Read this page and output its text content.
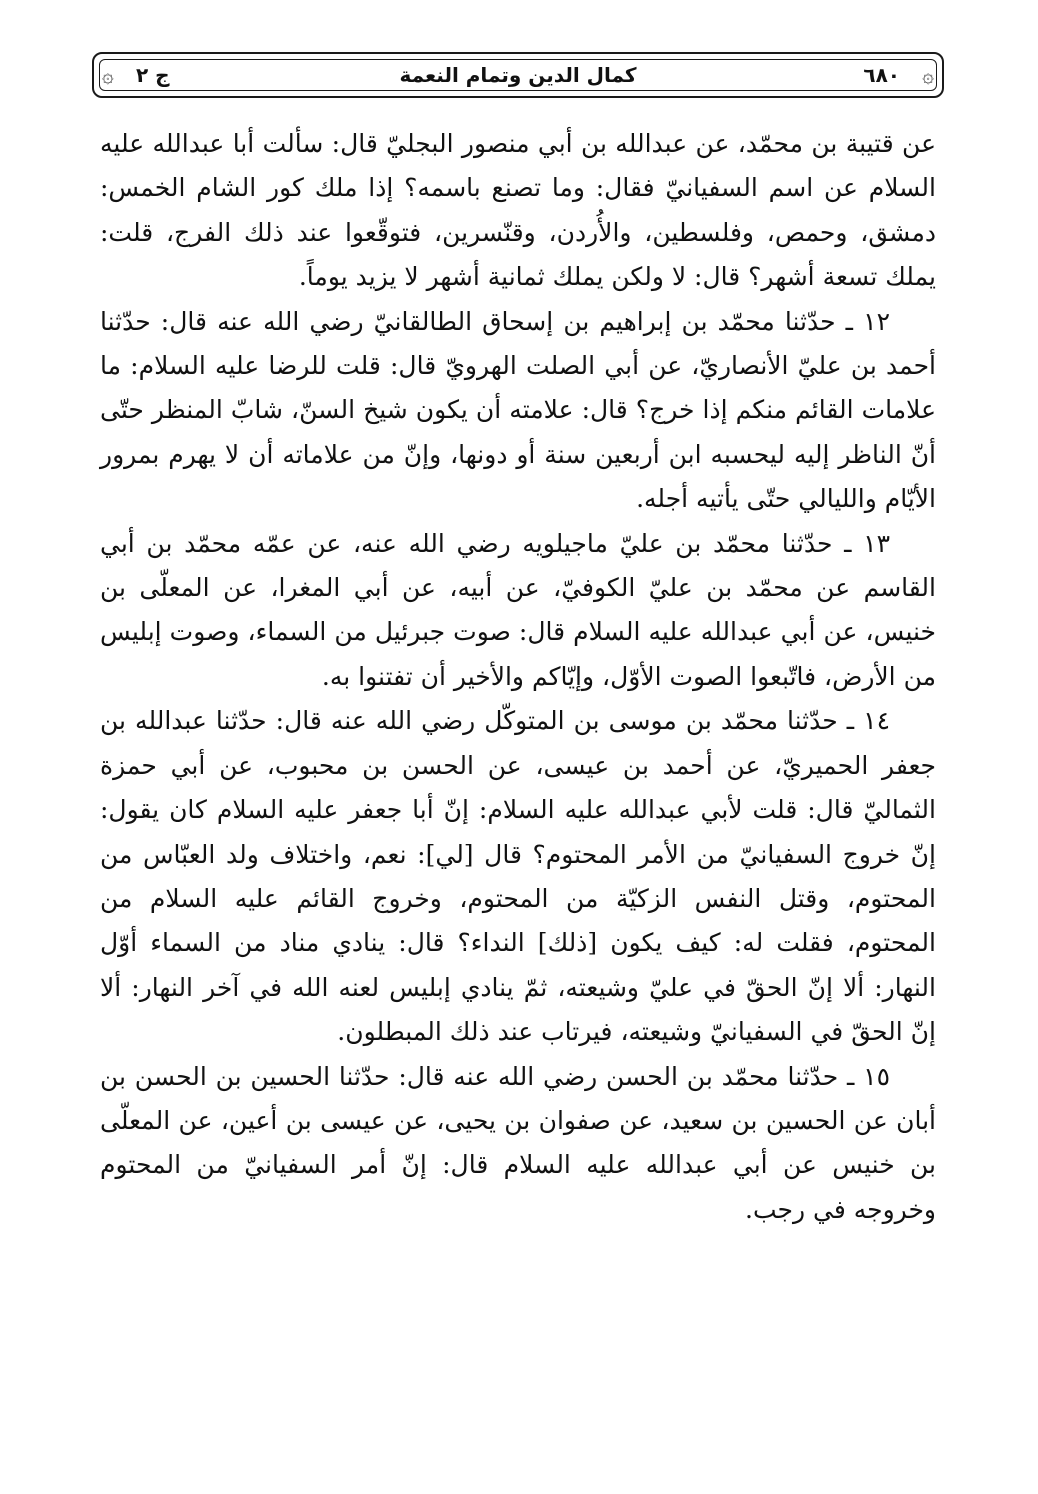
۞
۞	٦٨٠
كمال الدين وتمام النعمة
ج ٢

عن قتيبة بن محمّد، عن عبدالله بن أبي منصور البجليّ قال: سألت أبا عبدالله عليه السلام عن اسم السفيانيّ فقال: وما تصنع باسمه؟ إذا ملك كور الشام الخمس: دمشق، وحمص، وفلسطين، والأُردن، وقنّسرين، فتوقّعوا عند ذلك الفرج، قلت: يملك تسعة أشهر؟ قال: لا ولكن يملك ثمانية أشهر لا يزيد يوماً.

١٢ ـ حدّثنا محمّد بن إبراهيم بن إسحاق الطالقانيّ رضي الله عنه قال: حدّثنا أحمد بن عليّ الأنصاريّ، عن أبي الصلت الهرويّ قال: قلت للرضا عليه السلام: ما علامات القائم منكم إذا خرج؟ قال: علامته أن يكون شيخ السنّ، شابّ المنظر حتّى أنّ الناظر إليه ليحسبه ابن أربعين سنة أو دونها، وإنّ من علاماته أن لا يهرم بمرور الأيّام والليالي حتّى يأتيه أجله.

١٣ ـ حدّثنا محمّد بن عليّ ماجيلويه رضي الله عنه، عن عمّه محمّد بن أبي القاسم عن محمّد بن عليّ الكوفيّ، عن أبيه، عن أبي المغرا، عن المعلّى بن خنيس، عن أبي عبدالله عليه السلام قال: صوت جبرئيل من السماء، وصوت إبليس من الأرض، فاتّبعوا الصوت الأوّل، وإيّاكم والأخير أن تفتنوا به.

١٤ ـ حدّثنا محمّد بن موسى بن المتوكّل رضي الله عنه قال: حدّثنا عبدالله بن جعفر الحميريّ، عن أحمد بن عيسى، عن الحسن بن محبوب، عن أبي حمزة الثماليّ قال: قلت لأبي عبدالله عليه السلام: إنّ أبا جعفر عليه السلام كان يقول: إنّ خروج السفيانيّ من الأمر المحتوم؟ قال [لي]: نعم، واختلاف ولد العبّاس من المحتوم، وقتل النفس الزكيّة من المحتوم، وخروج القائم عليه السلام من المحتوم، فقلت له: كيف يكون [ذلك] النداء؟ قال: ينادي مناد من السماء أوّل النهار: ألا إنّ الحقّ في عليّ وشيعته، ثمّ ينادي إبليس لعنه الله في آخر النهار: ألا إنّ الحقّ في السفيانيّ وشيعته، فيرتاب عند ذلك المبطلون.

١٥ ـ حدّثنا محمّد بن الحسن رضي الله عنه قال: حدّثنا الحسين بن الحسن بن أبان عن الحسين بن سعيد، عن صفوان بن يحيى، عن عيسى بن أعين، عن المعلّى بن خنيس عن أبي عبدالله عليه السلام قال: إنّ أمر السفيانيّ من المحتوم وخروجه في رجب.
